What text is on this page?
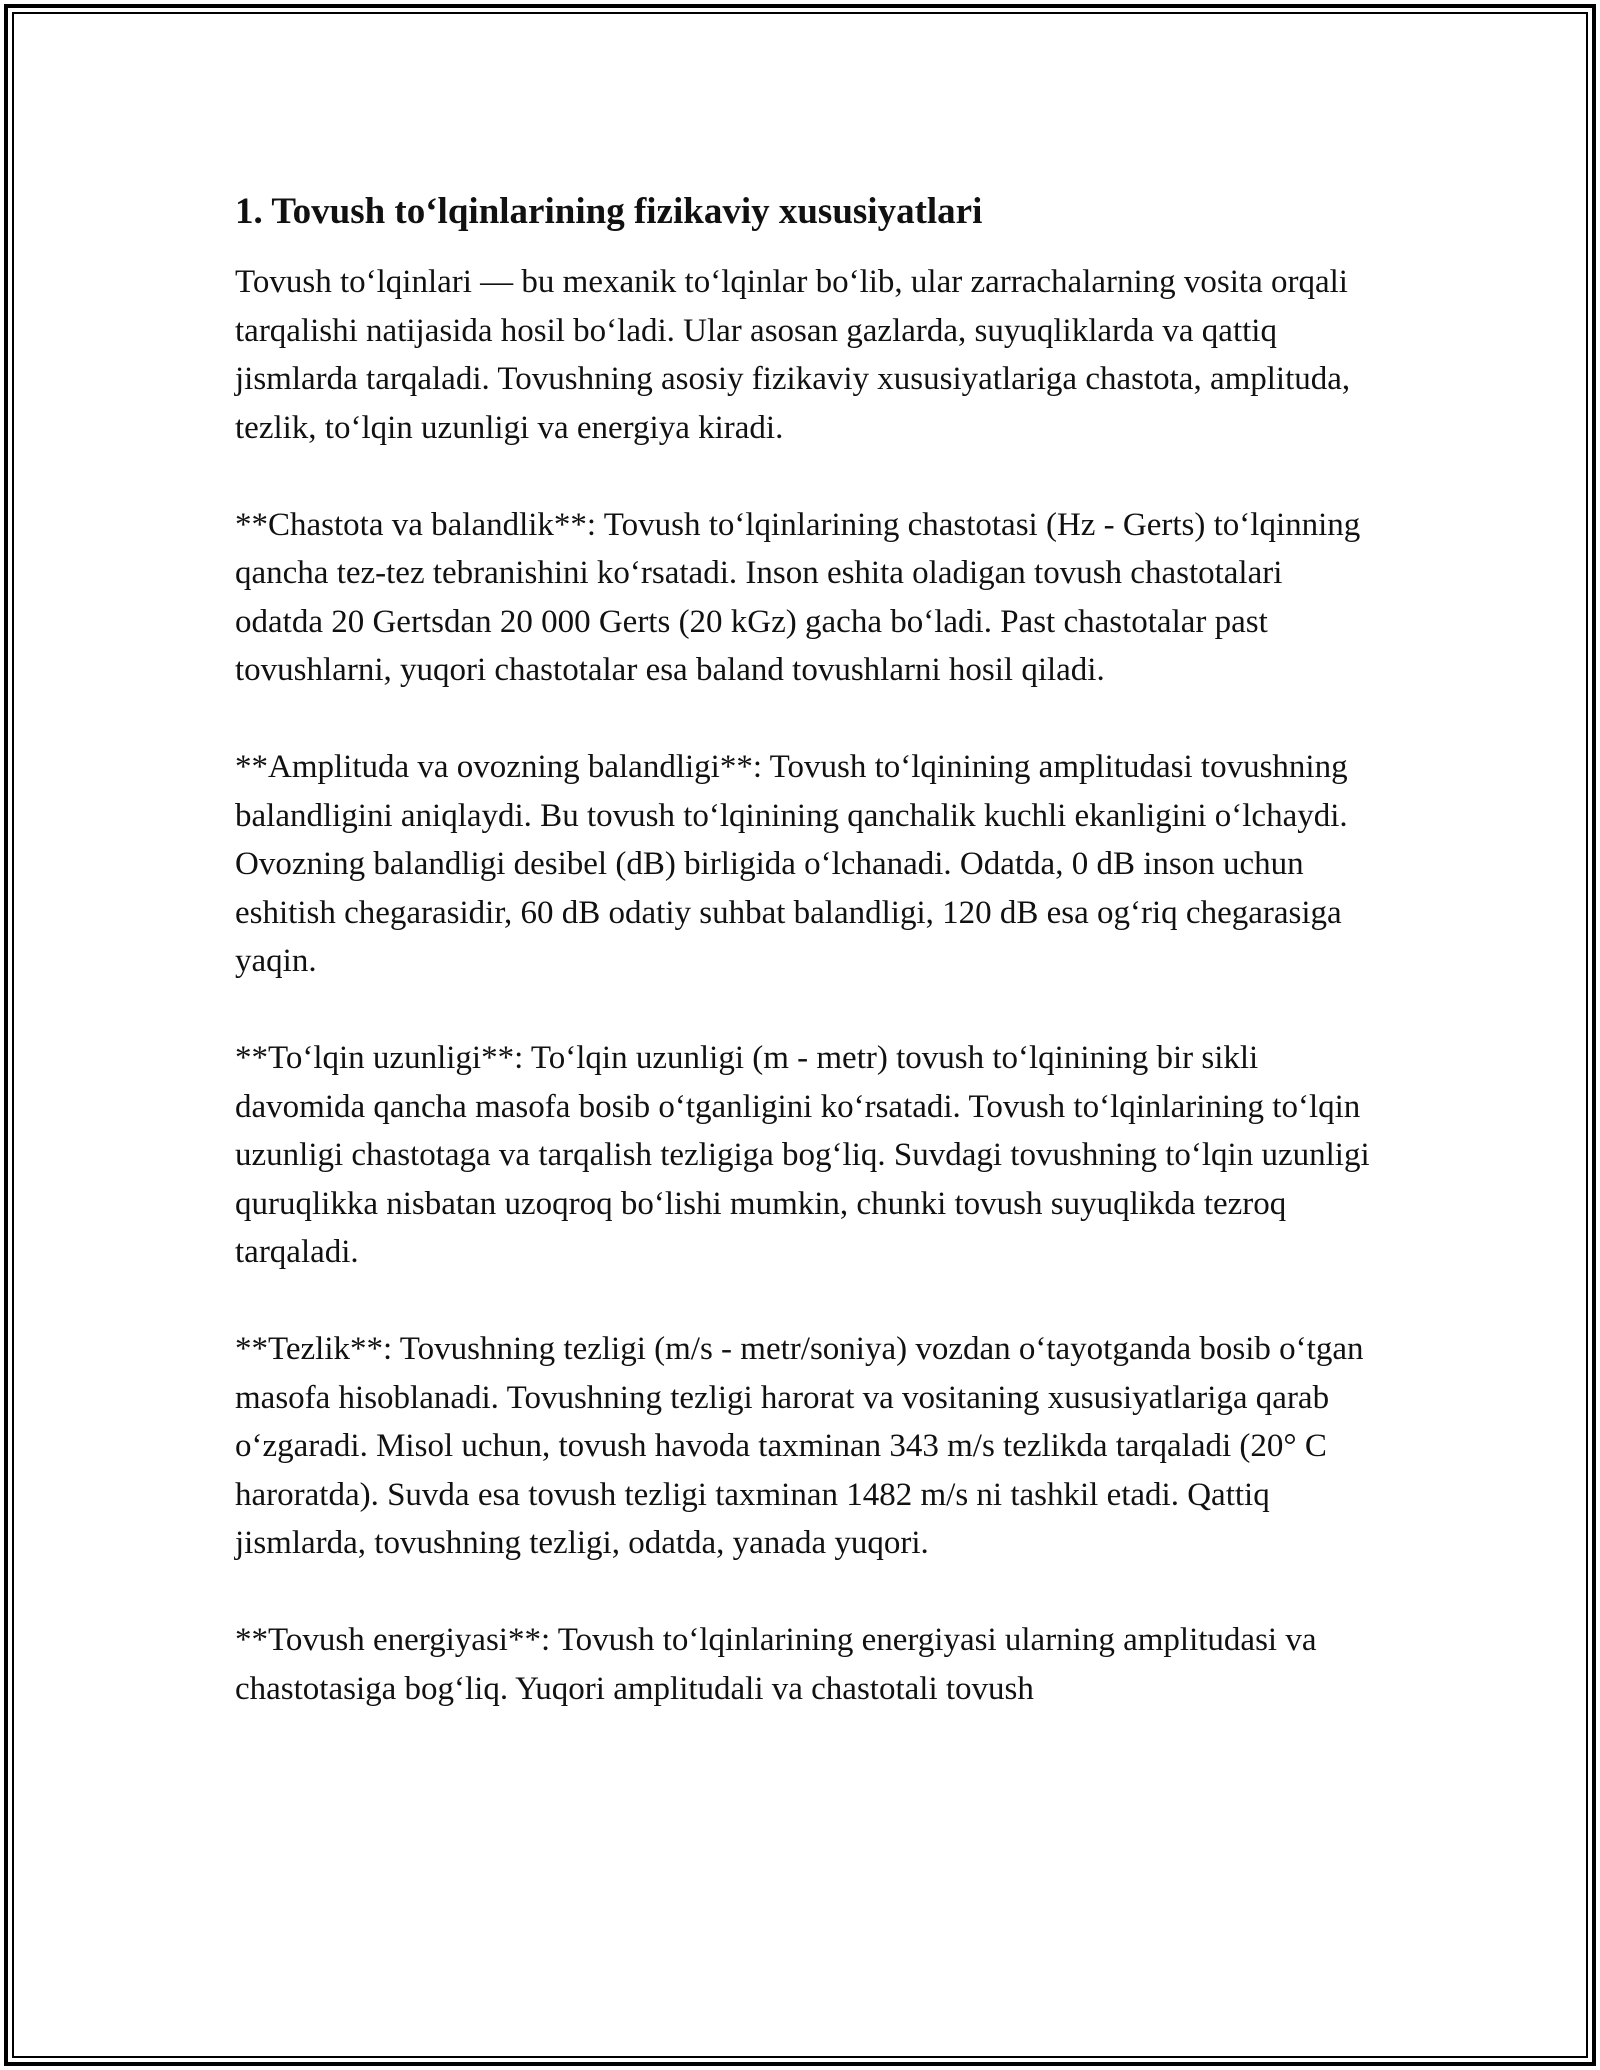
1. Tovush to‘lqinlarining fizikaviy xususiyatlari

Tovush to‘lqinlari — bu mexanik to‘lqinlar bo‘lib, ular zarrachalarning vosita orqali tarqalishi natijasida hosil bo‘ladi. Ular asosan gazlarda, suyuqliklarda va qattiq jismlarda tarqaladi. Tovushning asosiy fizikaviy xususiyatlariga chastota, amplituda, tezlik, to‘lqin uzunligi va energiya kiradi.

**Chastota va balandlik**: Tovush to‘lqinlarining chastotasi (Hz - Gerts) to‘lqinning qancha tez-tez tebranishini ko‘rsatadi. Inson eshita oladigan tovush chastotalari odatda 20 Gertsdan 20 000 Gerts (20 kGz) gacha bo‘ladi. Past chastotalar past tovushlarni, yuqori chastotalar esa baland tovushlarni hosil qiladi.

**Amplituda va ovozning balandligi**: Tovush to‘lqinining amplitudasi tovushning balandligini aniqlaydi. Bu tovush to‘lqinining qanchalik kuchli ekanligini o‘lchaydi. Ovozning balandligi desibel (dB) birligida o‘lchanadi. Odatda, 0 dB inson uchun eshitish chegarasidir, 60 dB odatiy suhbat balandligi, 120 dB esa og‘riq chegarasiga yaqin.

**To‘lqin uzunligi**: To‘lqin uzunligi (m - metr) tovush to‘lqinining bir sikli davomida qancha masofa bosib o‘tganligini ko‘rsatadi. Tovush to‘lqinlarining to‘lqin uzunligi chastotaga va tarqalish tezligiga bog‘liq. Suvdagi tovushning to‘lqin uzunligi quruqlikka nisbatan uzoqroq bo‘lishi mumkin, chunki tovush suyuqlikda tezroq tarqaladi.

**Tezlik**: Tovushning tezligi (m/s - metr/soniya) vozdan o‘tayotganda bosib o‘tgan masofa hisoblanadi. Tovushning tezligi harorat va vositaning xususiyatlariga qarab o‘zgaradi. Misol uchun, tovush havoda taxminan 343 m/s tezlikda tarqaladi (20° C haroratda). Suvda esa tovush tezligi taxminan 1482 m/s ni tashkil etadi. Qattiq jismlarda, tovushning tezligi, odatda, yanada yuqori.

**Tovush energiyasi**: Tovush to‘lqinlarining energiyasi ularning amplitudasi va chastotasiga bog‘liq. Yuqori amplitudali va chastotali tovush
